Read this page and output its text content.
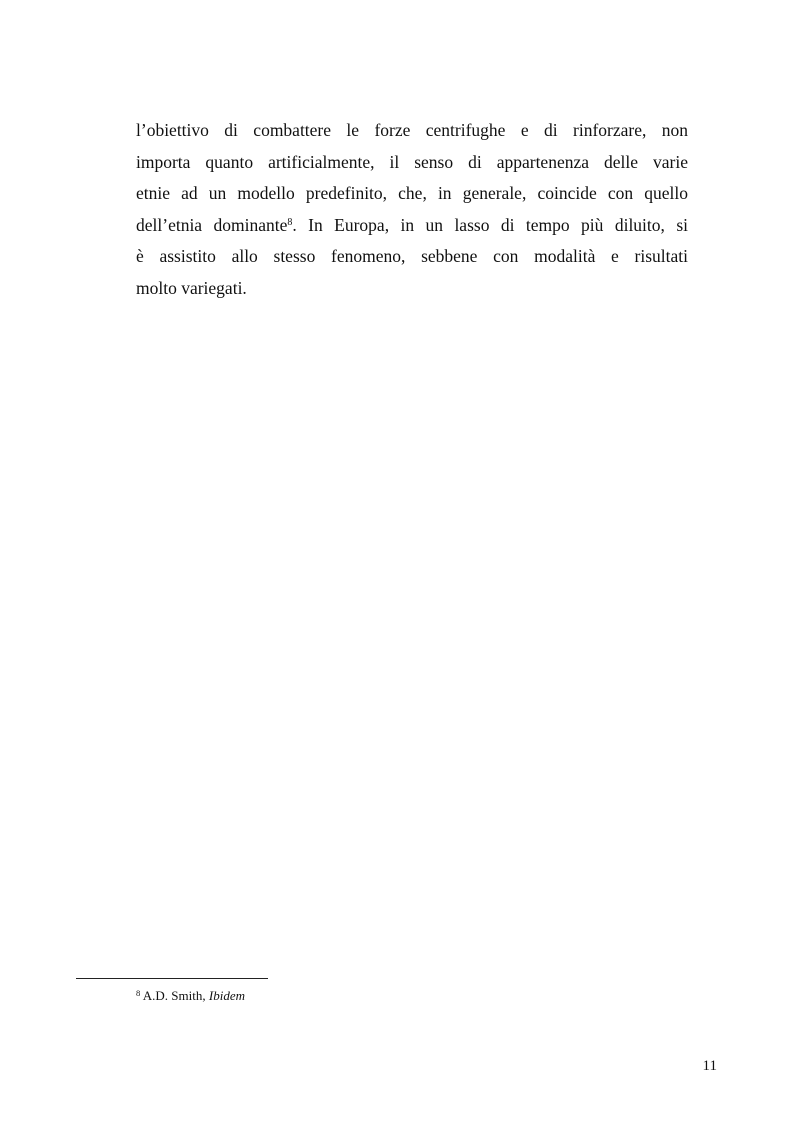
l’obiettivo di combattere le forze centrifughe e di rinforzare, non
importa quanto artificialmente, il senso di appartenenza delle varie
etnie ad un modello predefinito, che, in generale, coincide con quello
dell’etnia dominante$^8$. In Europa, in un lasso di tempo più diluito, si
è assistito allo stesso fenomeno, sebbene con modalità e risultati
molto variegati.
$^8$ A.D. Smith, Ibidem
11
